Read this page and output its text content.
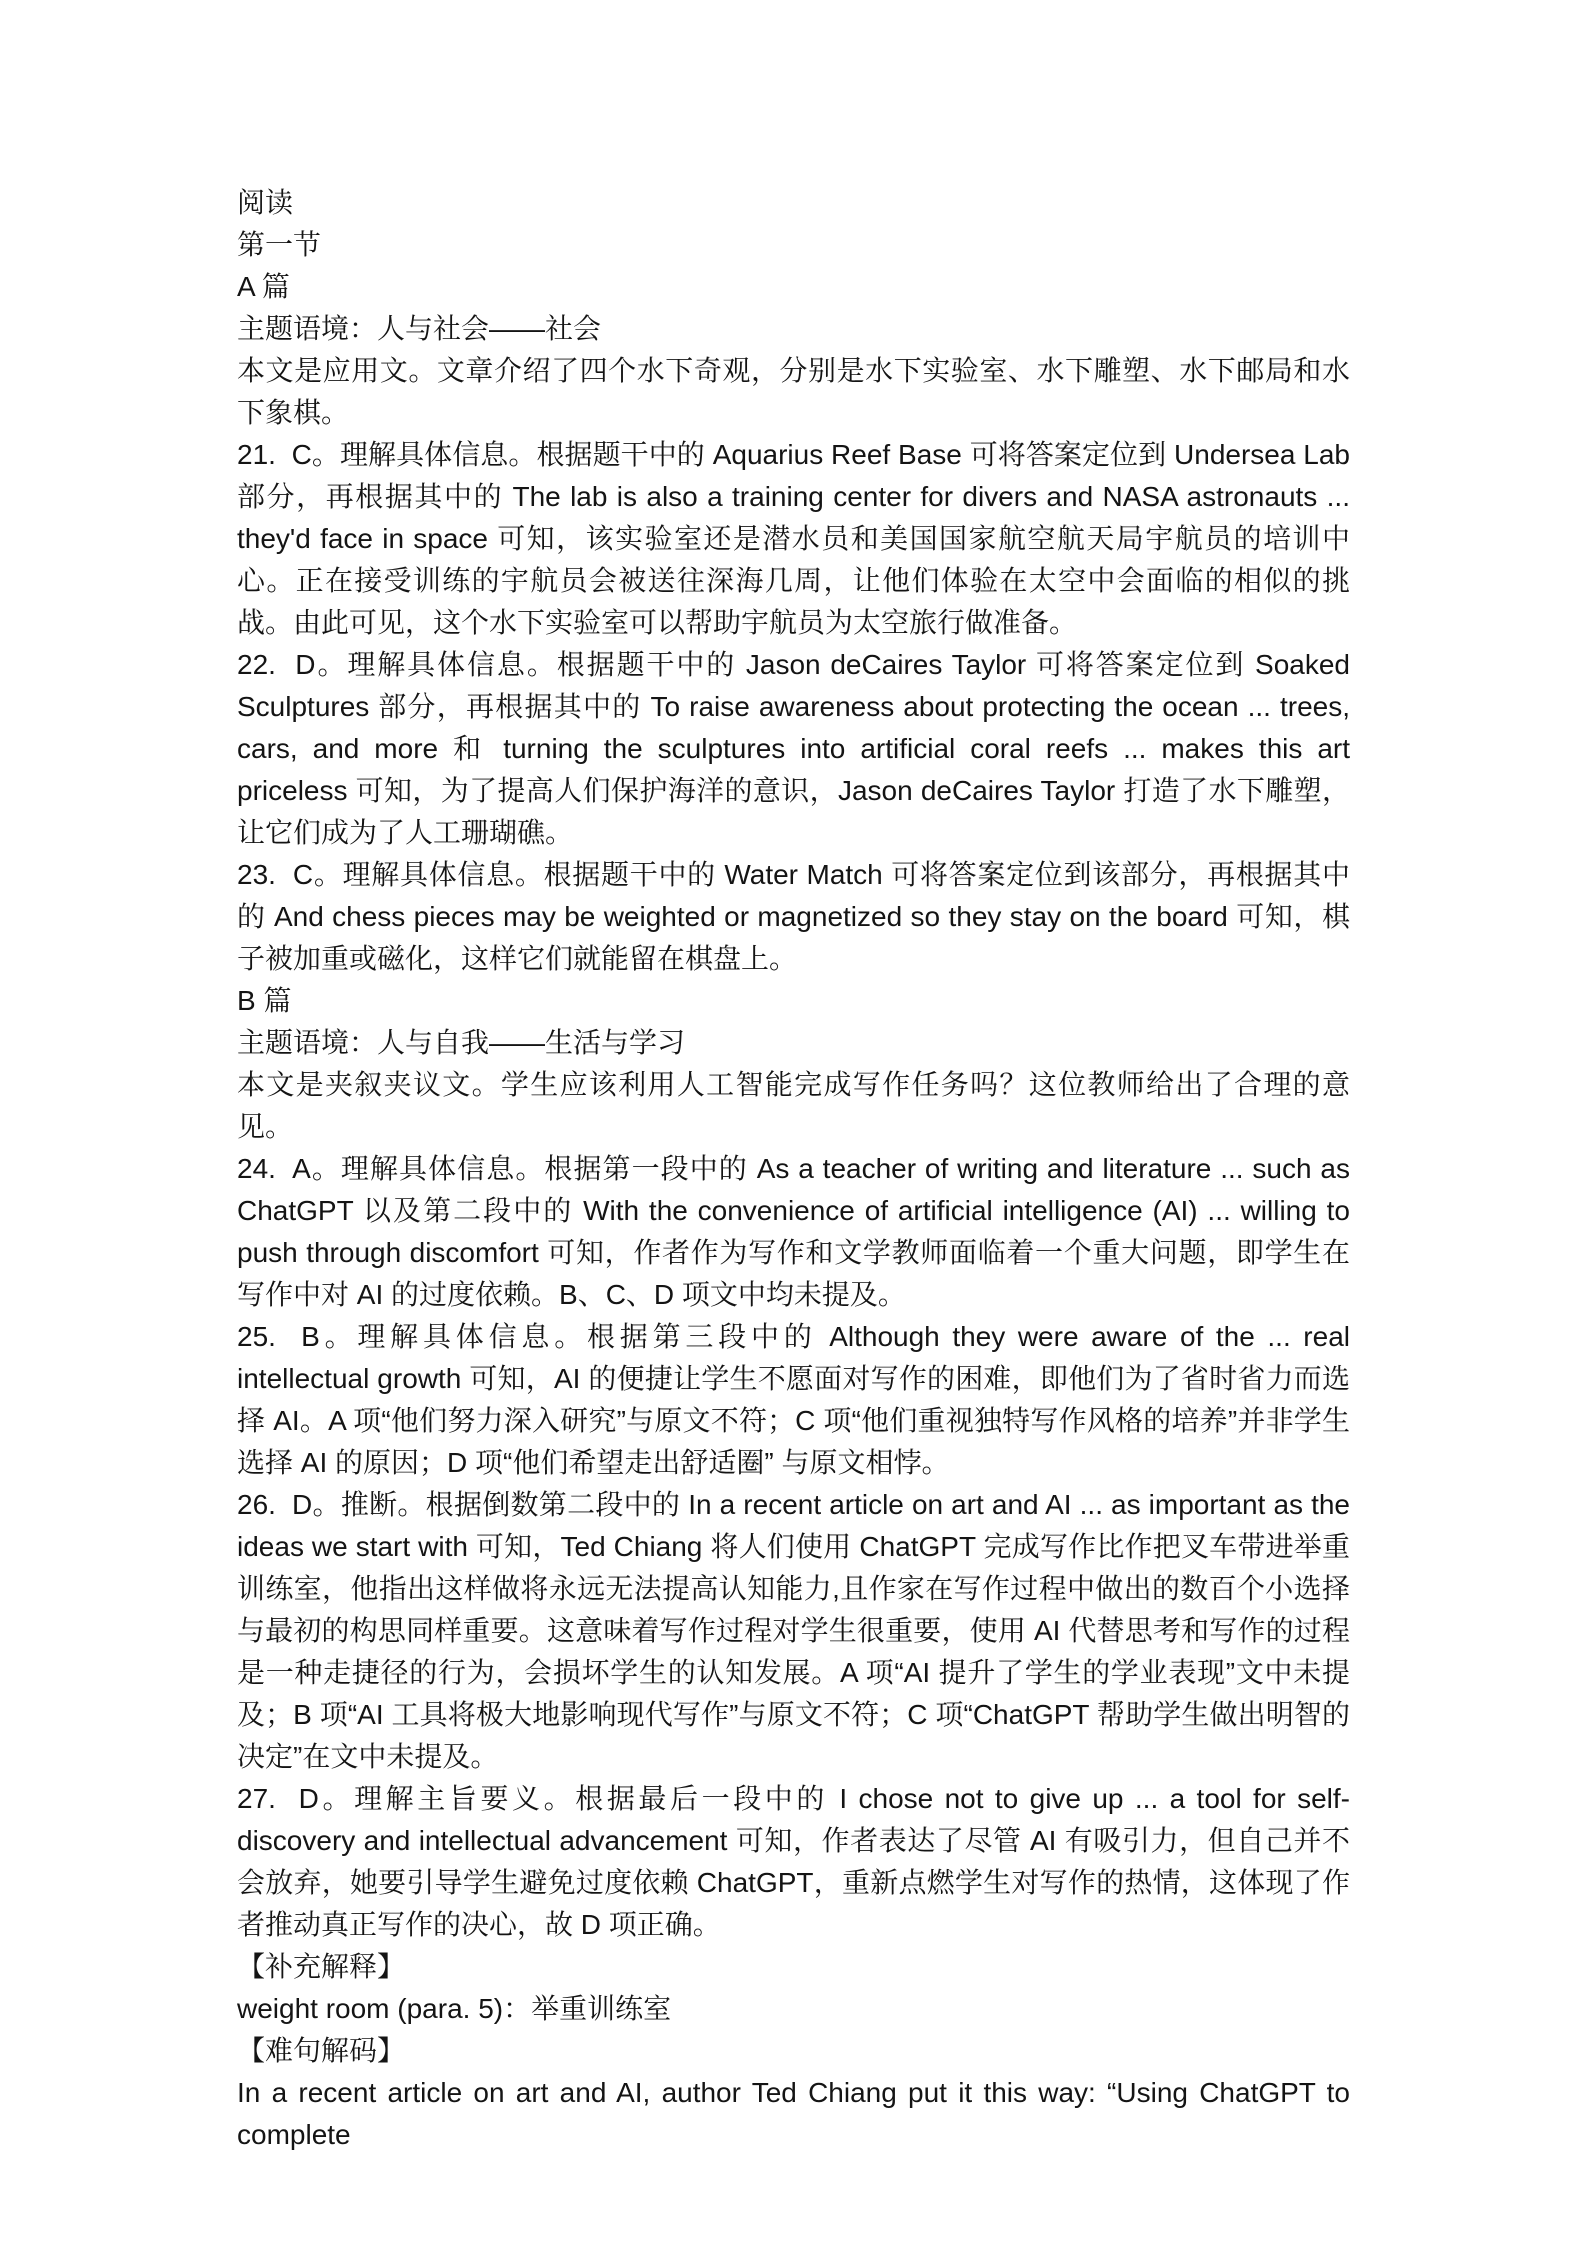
阅读

第一节

A 篇

主题语境：人与社会——社会

本文是应用文。文章介绍了四个水下奇观，分别是水下实验室、水下雕塑、水下邮局和水下象棋。

21.  C。理解具体信息。根据题干中的 Aquarius Reef Base 可将答案定位到 Undersea Lab 部分，再根据其中的 The lab is also a training center for divers and NASA astronauts ... they'd face in space 可知，该实验室还是潜水员和美国国家航空航天局宇航员的培训中心。正在接受训练的宇航员会被送往深海几周，让他们体验在太空中会面临的相似的挑战。由此可见，这个水下实验室可以帮助宇航员为太空旅行做准备。

22.  D。理解具体信息。根据题干中的 Jason deCaires Taylor 可将答案定位到 Soaked Sculptures 部分，再根据其中的 To raise awareness about protecting the ocean ... trees, cars, and more 和 turning the sculptures into artificial coral reefs ... makes this art priceless 可知，为了提高人们保护海洋的意识，Jason deCaires Taylor 打造了水下雕塑，让它们成为了人工珊瑚礁。

23.  C。理解具体信息。根据题干中的 Water Match 可将答案定位到该部分，再根据其中的 And chess pieces may be weighted or magnetized so they stay on the board 可知，棋子被加重或磁化，这样它们就能留在棋盘上。

B 篇

主题语境：人与自我——生活与学习

本文是夹叙夹议文。学生应该利用人工智能完成写作任务吗？这位教师给出了合理的意见。

24.  A。理解具体信息。根据第一段中的 As a teacher of writing and literature ... such as ChatGPT 以及第二段中的 With the convenience of artificial intelligence (AI) ... willing to push through discomfort 可知，作者作为写作和文学教师面临着一个重大问题，即学生在写作中对 AI 的过度依赖。B、C、D 项文中均未提及。

25.  B。理解具体信息。根据第三段中的 Although they were aware of the ... real intellectual growth 可知，AI 的便捷让学生不愿面对写作的困难，即他们为了省时省力而选择 AI。A 项“他们努力深入研究”与原文不符；C 项“他们重视独特写作风格的培养”并非学生选择 AI 的原因；D 项“他们希望走出舒适圈” 与原文相悖。

26.  D。推断。根据倒数第二段中的 In a recent article on art and AI ... as important as the ideas we start with 可知，Ted Chiang 将人们使用 ChatGPT 完成写作比作把叉车带进举重训练室，他指出这样做将永远无法提高认知能力,且作家在写作过程中做出的数百个小选择与最初的构思同样重要。这意味着写作过程对学生很重要，使用 AI 代替思考和写作的过程是一种走捷径的行为，会损坏学生的认知发展。A 项“AI 提升了学生的学业表现”文中未提及；B 项“AI 工具将极大地影响现代写作”与原文不符；C 项“ChatGPT 帮助学生做出明智的决定”在文中未提及。

27.  D。理解主旨要义。根据最后一段中的 I chose not to give up ... a tool for self-discovery and intellectual advancement 可知，作者表达了尽管 AI 有吸引力，但自己并不会放弃，她要引导学生避免过度依赖 ChatGPT，重新点燃学生对写作的热情，这体现了作者推动真正写作的决心，故 D 项正确。

【补充解释】

weight room (para. 5)：举重训练室

【难句解码】

In a recent article on art and AI, author Ted Chiang put it this way: “Using ChatGPT to complete
